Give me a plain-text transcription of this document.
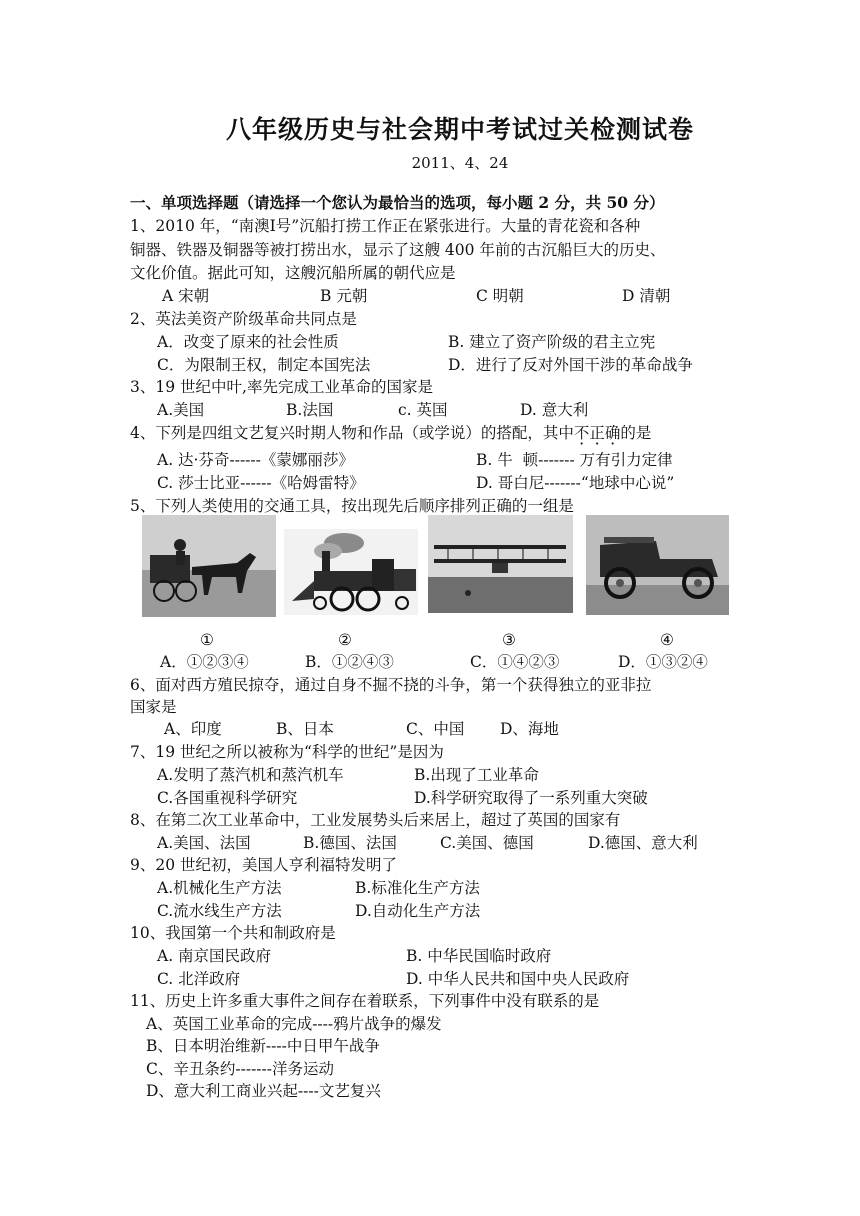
八年级历史与社会期中考试过关检测试卷
2011、4、24
一、单项选择题（请选择一个您认为最恰当的选项，每小题 2 分，共 50 分）
1、2010 年，“南澳Ⅰ号”沉船打捞工作正在紧张进行。大量的青花瓷和各种
铜器、铁器及铜器等被打捞出水，显示了这艘 400 年前的古沉船巨大的历史、
文化价值。据此可知，这艘沉船所属的朝代应是
A 宋朝	B 元朝	C 明朝	D 清朝
2、英法美资产阶级革命共同点是
A．改变了原来的社会性质	B. 建立了资产阶级的君主立宪
C．为限制王权，制定本国宪法	D．进行了反对外国干涉的革命战争
3、19 世纪中叶,率先完成工业革命的国家是
A.美国	B.法国	c. 英国	D. 意大利
4、下列是四组文艺复兴时期人物和作品（或学说）的搭配，其中不正确的是
A. 达·芬奇------《蒙娜丽莎》	B. 牛  顿------- 万有引力定律
C. 莎士比亚------《哈姆雷特》	D. 哥白尼-------“地球中心说”
5、下列人类使用的交通工具，按出现先后顺序排列正确的一组是
①	②	③	④
A．①②③④	B．①②④③	C．①④②③	D．①③②④
6、面对西方殖民掠夺，通过自身不掘不挠的斗争，第一个获得独立的亚非拉
国家是
A、印度	B、日本	C、中国 D、海地
7、19 世纪之所以被称为“科学的世纪”是因为
A.发明了蒸汽机和蒸汽机车	B.出现了工业革命
C.各国重视科学研究	D.科学研究取得了一系列重大突破
8、在第二次工业革命中，工业发展势头后来居上，超过了英国的国家有
A.美国、法国	B.德国、法国	C.美国、德国	D.德国、意大利
9、20 世纪初，美国人亨利福特发明了
A.机械化生产方法	B.标准化生产方法
C.流水线生产方法	D.自动化生产方法
10、我国第一个共和制政府是
A. 南京国民政府	B. 中华民国临时政府
C. 北洋政府	D. 中华人民共和国中央人民政府
11、历史上许多重大事件之间存在着联系，下列事件中没有联系的是
A、英国工业革命的完成----鸦片战争的爆发
B、日本明治维新----中日甲午战争
C、辛丑条约-------洋务运动
D、意大利工商业兴起----文艺复兴
